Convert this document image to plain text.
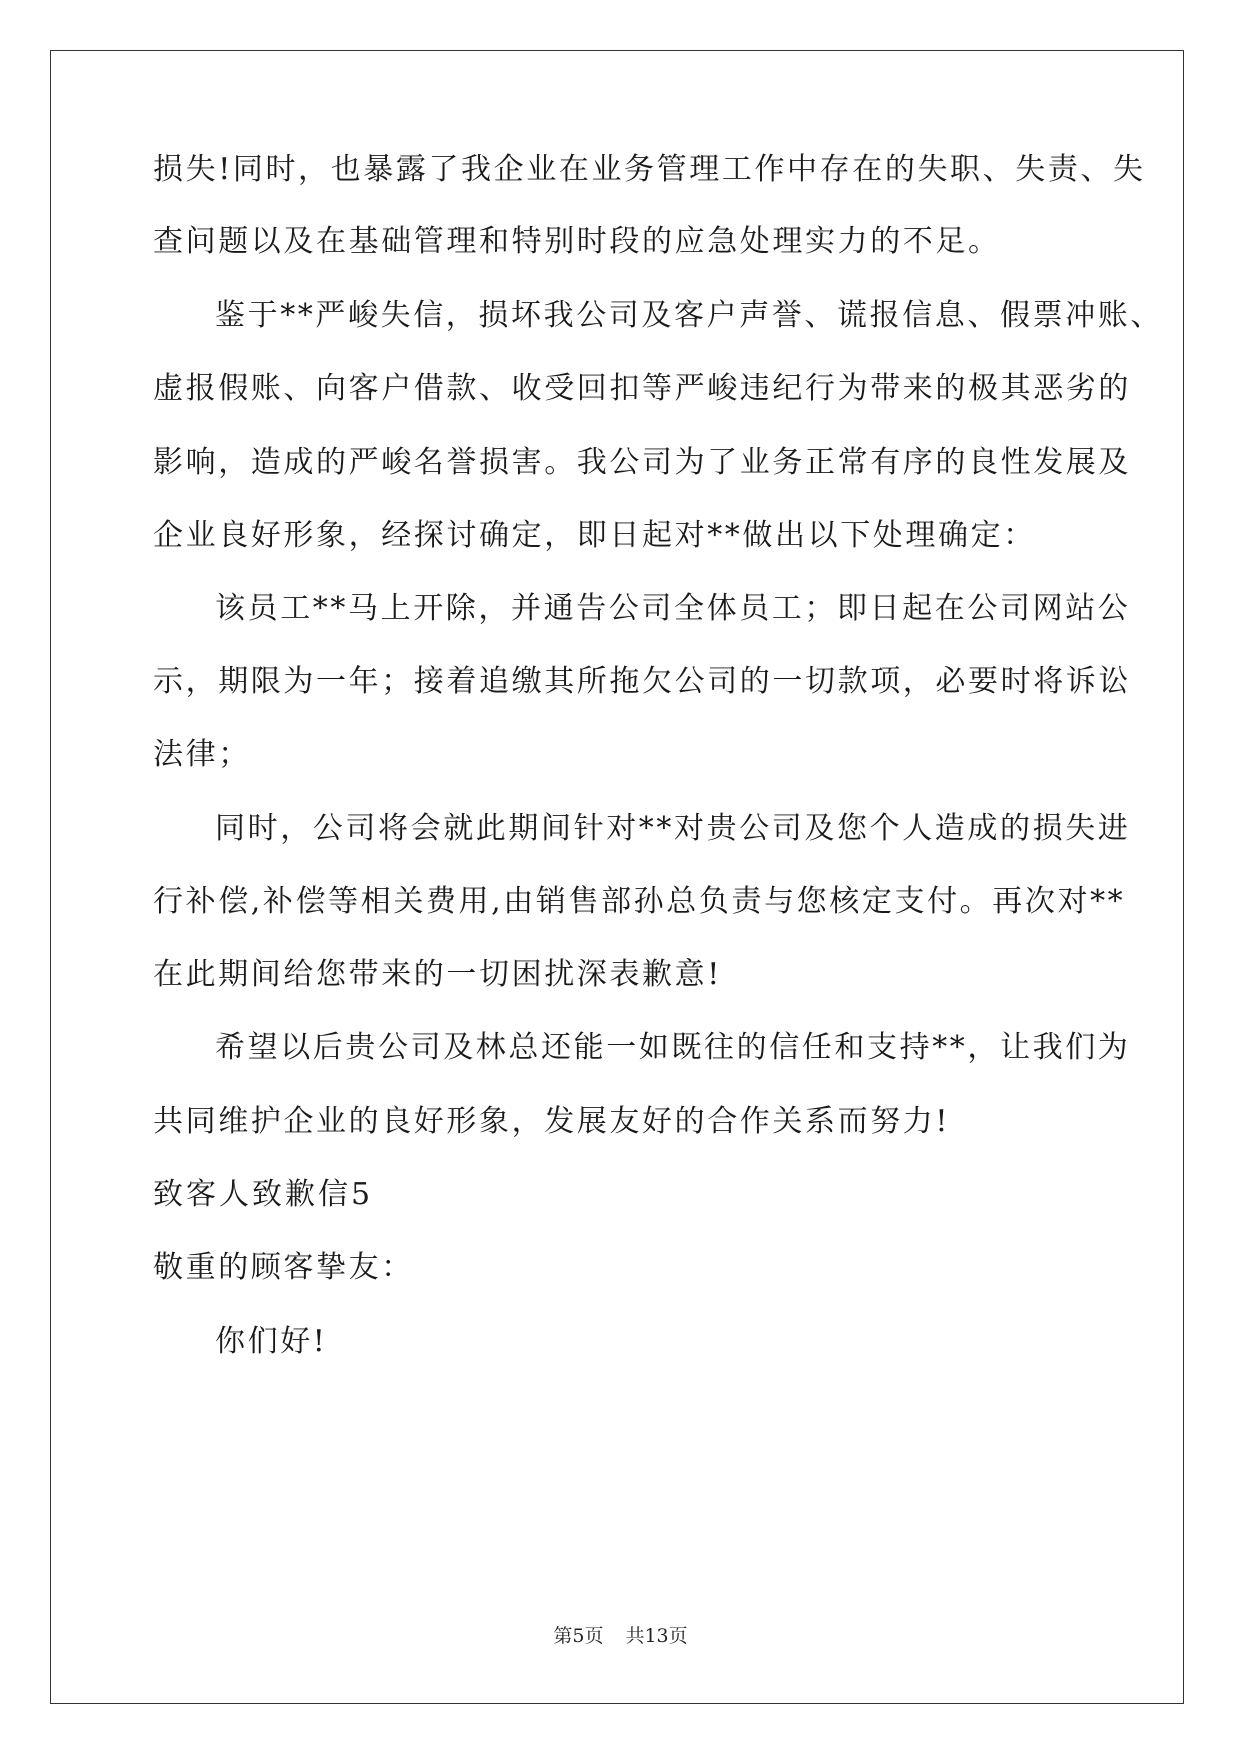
损失!同时，也暴露了我企业在业务管理工作中存在的失职、失责、失
查问题以及在基础管理和特别时段的应急处理实力的不足。
鉴于**严峻失信，损坏我公司及客户声誉、谎报信息、假票冲账、
虚报假账、向客户借款、收受回扣等严峻违纪行为带来的极其恶劣的
影响，造成的严峻名誉损害。我公司为了业务正常有序的良性发展及
企业良好形象，经探讨确定，即日起对**做出以下处理确定：
该员工**马上开除，并通告公司全体员工；即日起在公司网站公
示，期限为一年；接着追缴其所拖欠公司的一切款项，必要时将诉讼
法律；
同时，公司将会就此期间针对**对贵公司及您个人造成的损失进
行补偿,补偿等相关费用,由销售部孙总负责与您核定支付。再次对**
在此期间给您带来的一切困扰深表歉意!
希望以后贵公司及林总还能一如既往的信任和支持**，让我们为
共同维护企业的良好形象，发展友好的合作关系而努力!
致客人致歉信5
敬重的顾客挚友：
你们好!
第5页 共13页
